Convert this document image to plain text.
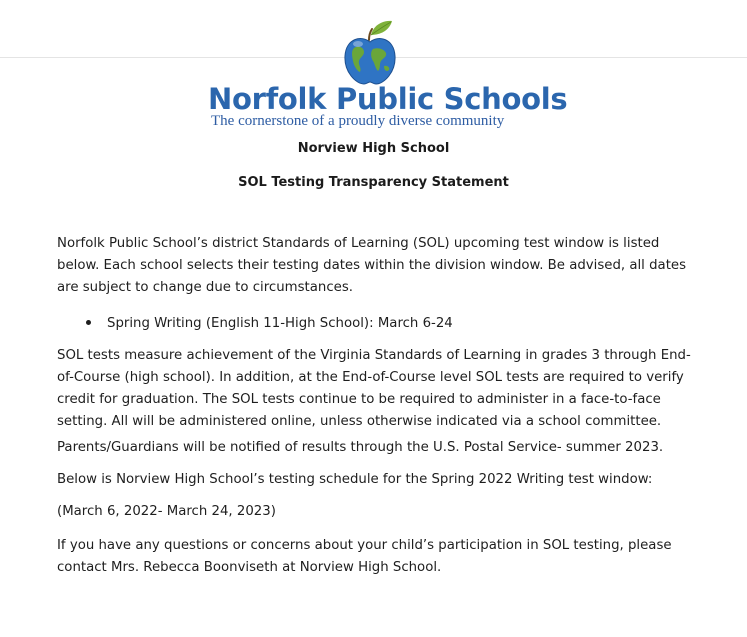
Norfolk Public Schools
The cornerstone of a proudly diverse community
Norview High School
SOL Testing Transparency Statement
Norfolk Public School’s district Standards of Learning (SOL) upcoming test window is listed below. Each school selects their testing dates within the division window. Be advised, all dates are subject to change due to circumstances.
Spring Writing (English 11-High School): March 6-24
SOL tests measure achievement of the Virginia Standards of Learning in grades 3 through End-of-Course (high school). In addition, at the End-of-Course level SOL tests are required to verify credit for graduation. The SOL tests continue to be required to administer in a face-to-face setting. All will be administered online, unless otherwise indicated via a school committee.
Parents/Guardians will be notified of results through the U.S. Postal Service- summer 2023.
Below is Norview High School’s testing schedule for the Spring 2022 Writing test window:
(March 6, 2022- March 24, 2023)
If you have any questions or concerns about your child’s participation in SOL testing, please contact Mrs. Rebecca Boonviseth at Norview High School.
